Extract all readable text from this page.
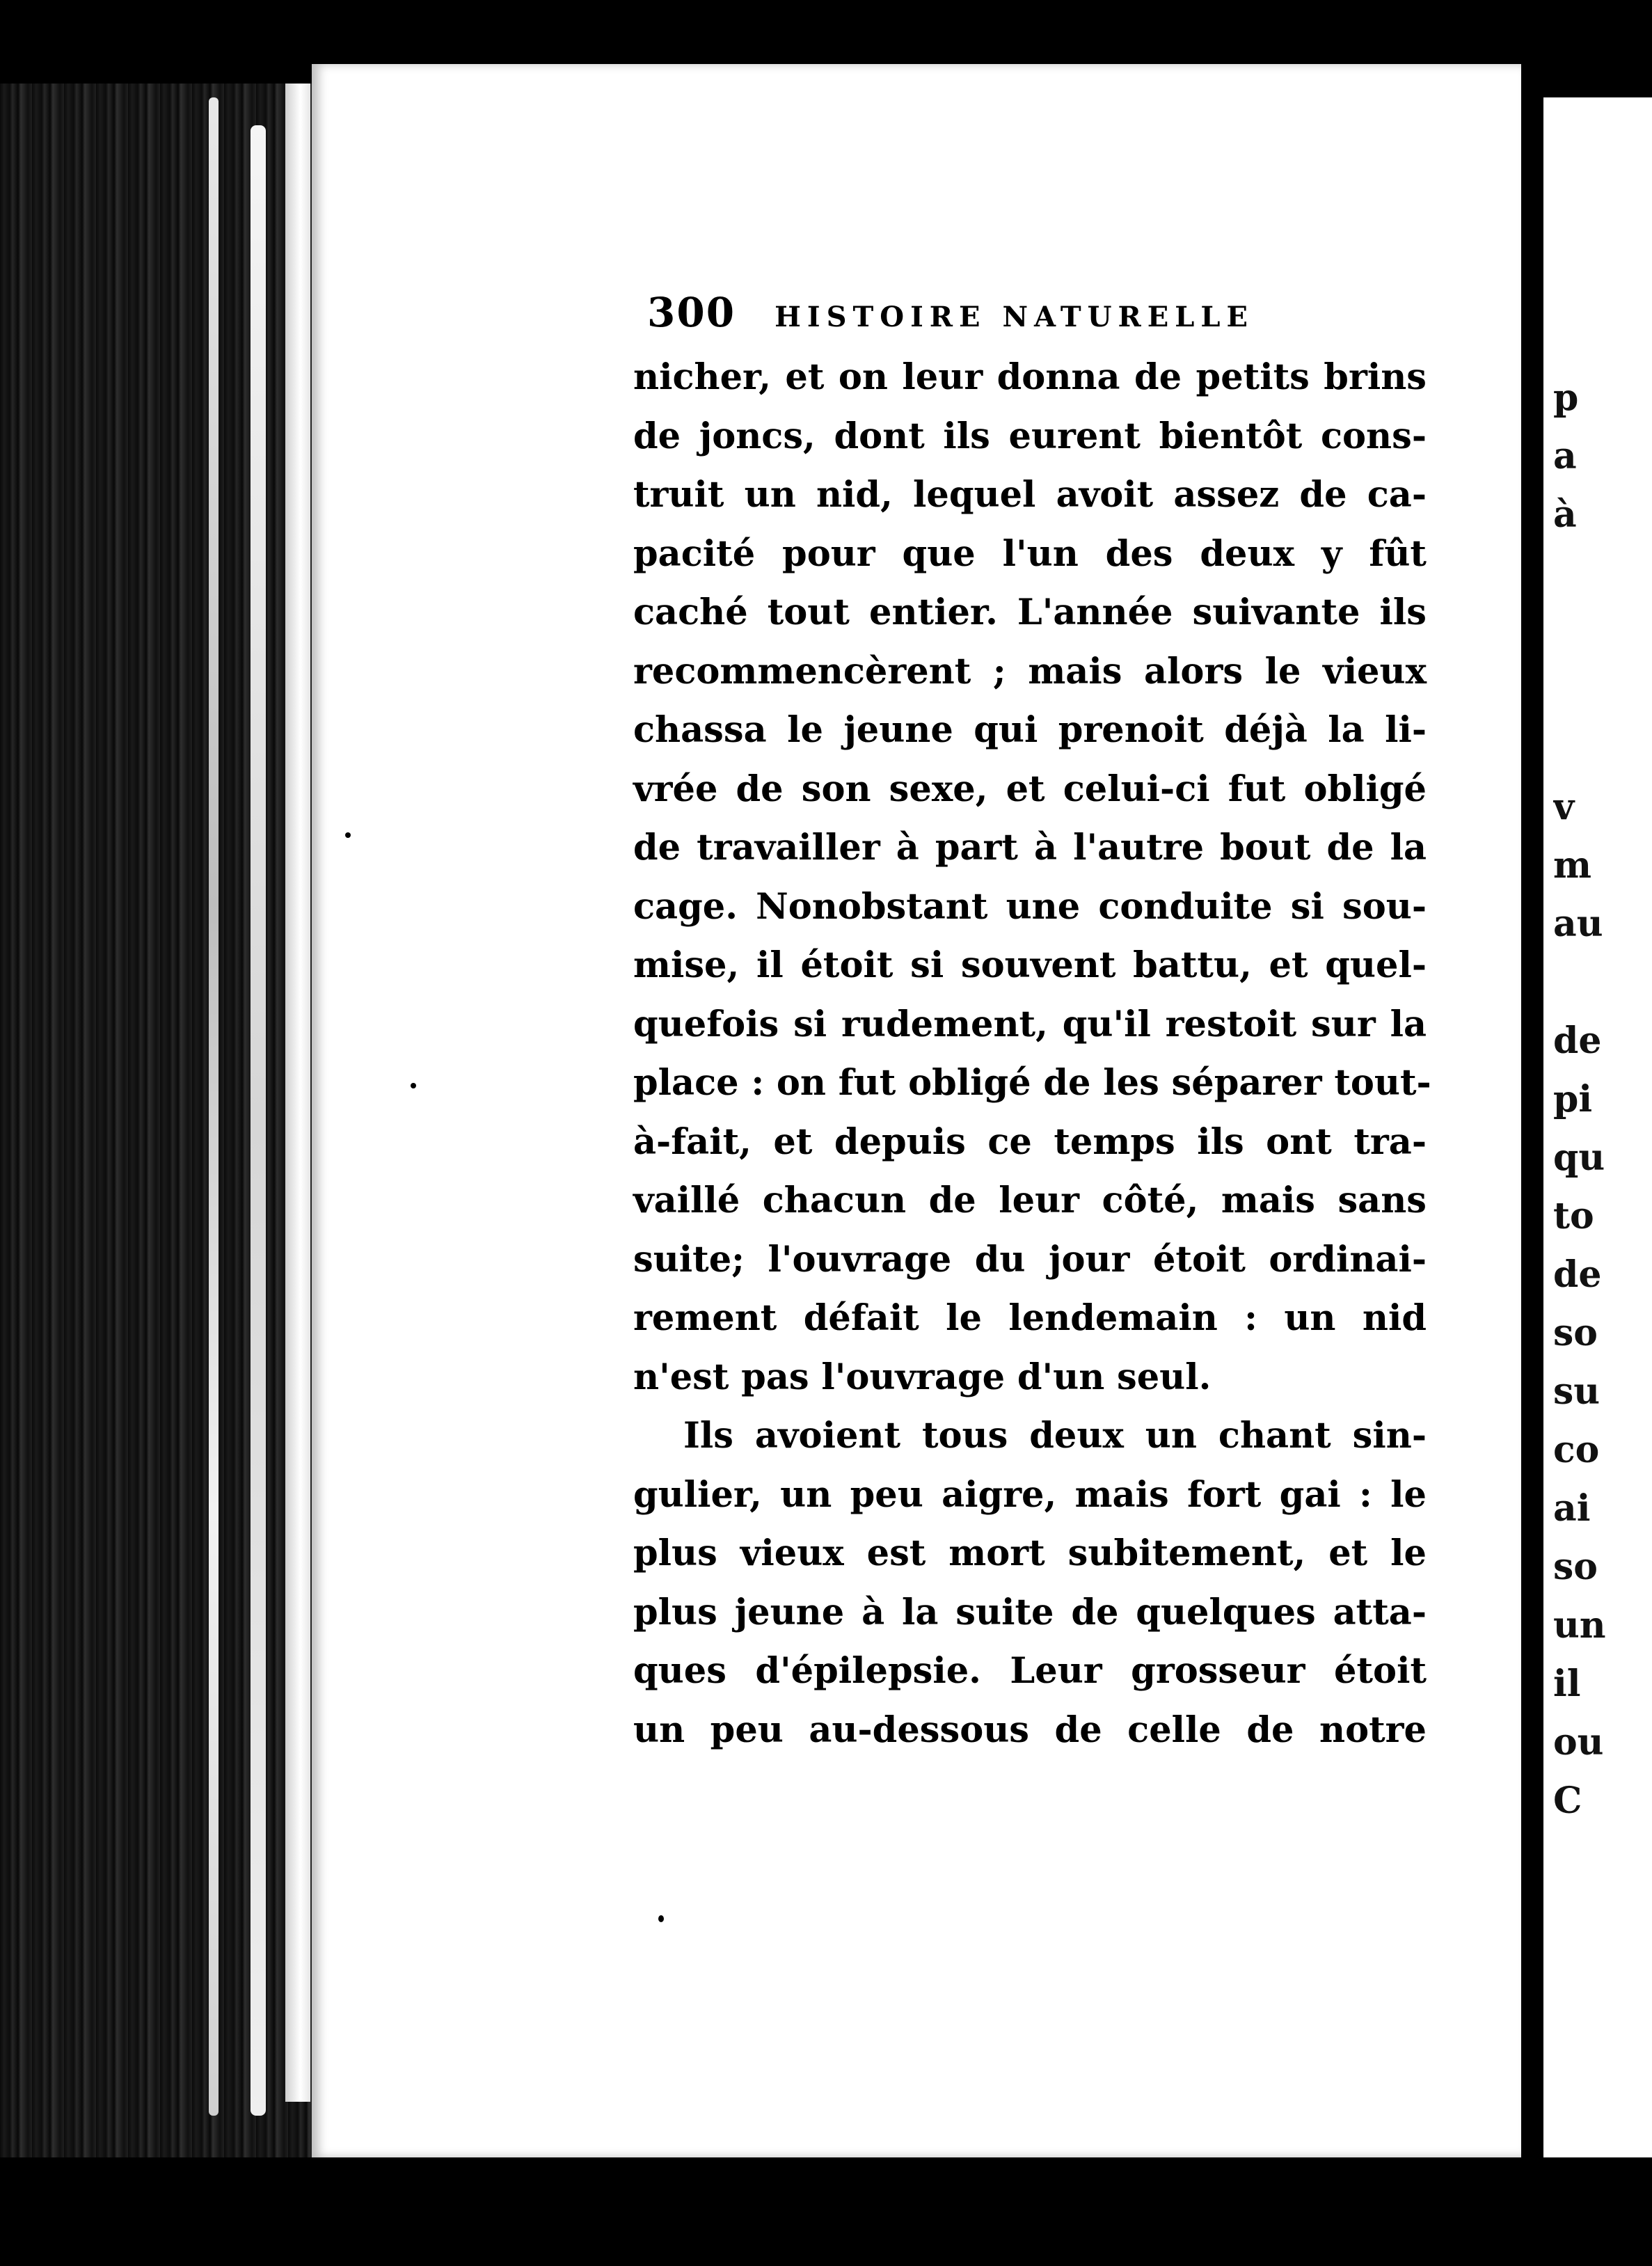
p
a
à

v
m
au

de
pi
qu
to
de
so
su
co
ai
so
un
il
ou
C
300 HISTOIRE NATURELLE
nicher, et on leur donna de petits brins
de joncs, dont ils eurent bientôt cons-
truit un nid, lequel avoit assez de ca-
pacité pour que l'un des deux y fût
caché tout entier. L'année suivante ils
recommencèrent ; mais alors le vieux
chassa le jeune qui prenoit déjà la li-
vrée de son sexe, et celui-ci fut obligé
de travailler à part à l'autre bout de la
cage. Nonobstant une conduite si sou-
mise, il étoit si souvent battu, et quel-
quefois si rudement, qu'il restoit sur la
place : on fut obligé de les séparer tout-
à-fait, et depuis ce temps ils ont tra-
vaillé chacun de leur côté, mais sans
suite; l'ouvrage du jour étoit ordinai-
rement défait le lendemain : un nid
n'est pas l'ouvrage d'un seul.
Ils avoient tous deux un chant sin-
gulier, un peu aigre, mais fort gai : le
plus vieux est mort subitement, et le
plus jeune à la suite de quelques atta-
ques d'épilepsie. Leur grosseur étoit
un peu au-dessous de celle de notre
